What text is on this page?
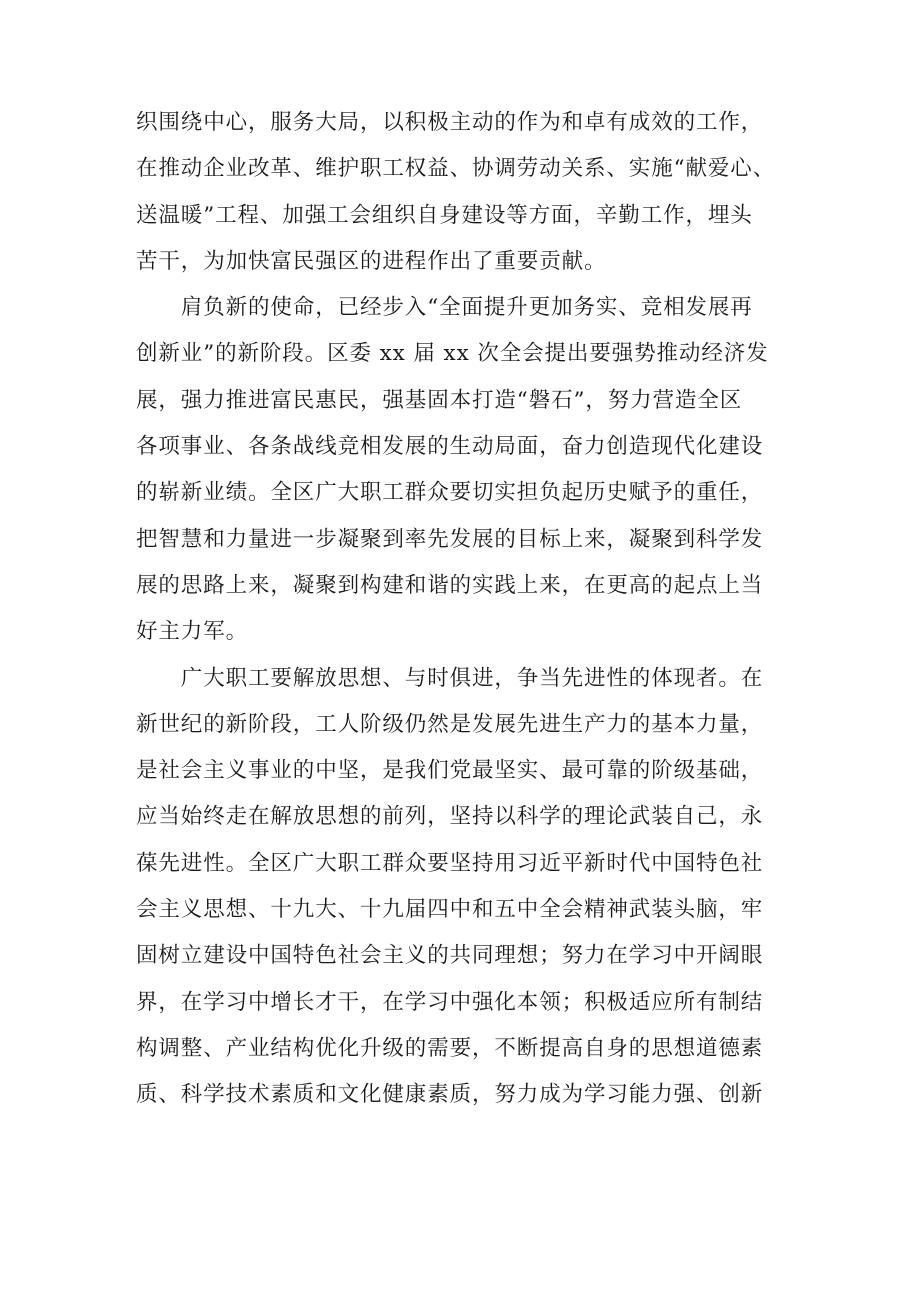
织围绕中心，服务大局，以积极主动的作为和卓有成效的工作，
在推动企业改革、维护职工权益、协调劳动关系、实施“献爱心、
送温暖”工程、加强工会组织自身建设等方面，辛勤工作，埋头
苦干，为加快富民强区的进程作出了重要贡献。
　　肩负新的使命，已经步入“全面提升更加务实、竞相发展再
创新业”的新阶段。区委 xx 届 xx 次全会提出要强势推动经济发
展，强力推进富民惠民，强基固本打造“磐石”，努力营造全区
各项事业、各条战线竞相发展的生动局面，奋力创造现代化建设
的崭新业绩。全区广大职工群众要切实担负起历史赋予的重任，
把智慧和力量进一步凝聚到率先发展的目标上来，凝聚到科学发
展的思路上来，凝聚到构建和谐的实践上来，在更高的起点上当
好主力军。
　　广大职工要解放思想、与时俱进，争当先进性的体现者。在
新世纪的新阶段，工人阶级仍然是发展先进生产力的基本力量，
是社会主义事业的中坚，是我们党最坚实、最可靠的阶级基础，
应当始终走在解放思想的前列，坚持以科学的理论武装自己，永
葆先进性。全区广大职工群众要坚持用习近平新时代中国特色社
会主义思想、十九大、十九届四中和五中全会精神武装头脑，牢
固树立建设中国特色社会主义的共同理想；努力在学习中开阔眼
界，在学习中增长才干，在学习中强化本领；积极适应所有制结
构调整、产业结构优化升级的需要，不断提高自身的思想道德素
质、科学技术素质和文化健康素质，努力成为学习能力强、创新
